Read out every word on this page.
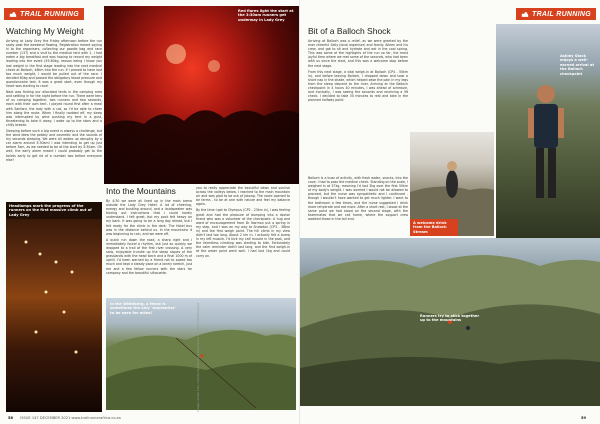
TRAIL RUNNING
Watching My Weight

Arriving at Lady Grey the Friday afternoon before the run sadly past the weekend flowing, Registration meant saying hi to the organisers, collecting our goodie bag and race number (137) and a visit to the medical tent with 1. I had eaten a big breakfast and was hoping to record my weight leading into the event (59-60kg, reason being I know you lost weight in the first stage leading into the next medical check at Balloch, 46km into the run. If I proved to have lost too much weight, I would be pulled out of the race. I decided 60kg and passed the obligatory blood pressure and questionnaire test. It was a great start, even though my heart was starting to race!

Next was finding our allocated tents in the camping area and settling in for the night before the run. There were tens of us camping together, two runners and two seconds, each with their own tent. I played round first after a meal with Sanford, the lady with a cat, so I'd be able to cheer him along the route. When I finally nodded off, my sleep was interrupted by wind pushing my tent in a gust, threatening to take it away. I woke up to the stars and a chilly breeze.

Sleeping before such a big event is always a challenge, but the wind blew the pebbly and cosmetic and the sounds of my seconds sleeping. We were all wokeo up abruptly by a car alarm around 3:30am! I was intending to get up just before 3am, as we needed to be at the start by 3:30am. Oh well, the early alarm meant I could probably get to the toilets early to get rid of a number two before everyone else!

Red flares light the start at the 3:30am runners get underway in Lady Grey
Headlamps mark the progress of the runners on the first massive climb out of Lady Grey
Into the Mountains

By 4:30 we were all lined up in the main arena outside the Lady Grey Hotel. A lot of cheering, energy and bustling around, and a loudspeaker was blaring out instructions that I could hardly understand. I felt great, but my pack felt heavy on my back. It was going to be a long day ahead, but I felt ready for the climb in the dark. The Hotel bus was in the distance behind us. In the mountains it was beginning to rain, and we were off.

A quick run down the road, a sharp right and I immediately found a rhythm, but just as quickly we dropped to a trail of the first river crossing. A very slow, enjoyable trundle up the steep slopes of the grasslands with the head torch and a final 1000 m of uphill. I'd been warned by a friend not to speed too much and kept a steady pace on a lonely stretch, just me and a few fellow runners with the stars for company and the beautiful silhouette.

you to really appreciate the beautiful dawn and sunrise across the valleys below. I reached to the main mountain air and was glad to be out of Jokong. The route opened to be farms - to be at one with nature and feel my balance again.

By the time I got to Olympus (CP2 - 23km in), I was feeling great and had the pleasure of bumping into a doctor friend who was a volunteer at the checkpoint. A hug and word of encouragement from Dr Norman put a spring in my step, and I was on my way to Snowdon (CP3 - 38km in) and the first weigh point. The hill climb in my view didn't last too long. About 2 km in, I actually felt a bump in my left muscle. I'd kick my calf muscle in the past, and the relentless climbing was starting to bite. Fortunately the calm reminder didn't last long, and the first weigh-in at the water point went well. I had lost 1kg and could carry on.

In the Witteberg, a fence is sometimes the only 'waymarker' to be seen for miles!
58 ISSUE 147 DECEMBER 2021 www.trailrunnerafrica.co.za
Images: Amber Foto, Caroline Gowthorpe & Gary Dolton & Katrina Pienk/Supplied
TRAIL RUNNING
Bit of a Balloch Shock

Arriving at Balloch was a relief, as we were greeted by the ever cheerful Sally (local organiser) and family. Aileen and his crew, and got to sit and hydrate and eat in the cool spring. This was some of the highlights of the run so far, the most joyful time where we met some of the seconds, who had been with us since the start, and this was a welcome stop before the next stage.

From this next stage, a vital weigh-in at Balloch (CP4 - 50km in), and before leaving Balloch, I dropped down and took a short nap in the shade, which helped ease the pain in my legs from the steep descent to the river. Arriving at the Balloch checkpoint in 4 hours 40 minutes, I was ahead of schedule, and ironically, I was seeing the seconds and receiving a lift check. I decided to take 30 minutes to rest and take in the planned halfway point.

Balloch is a buzz of activity, with fresh water, snacks, into the cave. I had to pass the medical check. Standing on the scale, I weighed in at 57kg, meaning I'd lost 3kg over the first 50km of my body's weight. I was worried I would not be allowed to proceed, but the nurse was sympathetic and I continued - though I wouldn't have wanted to get much lighter. I went to the bathroom a few times, and the nurse suggested I drink more rehydrate and eat more. After a short rest, I stood at the same point we had stood on the second stage, with the teammates that we call home, where the support crew awaited those in the tail end.

A welcome drink from the Balloch Stream
Ashley Stack enjoys a well-earned arrival at the Balloch checkpoint
Runners try to stick together up to the mountains
59
